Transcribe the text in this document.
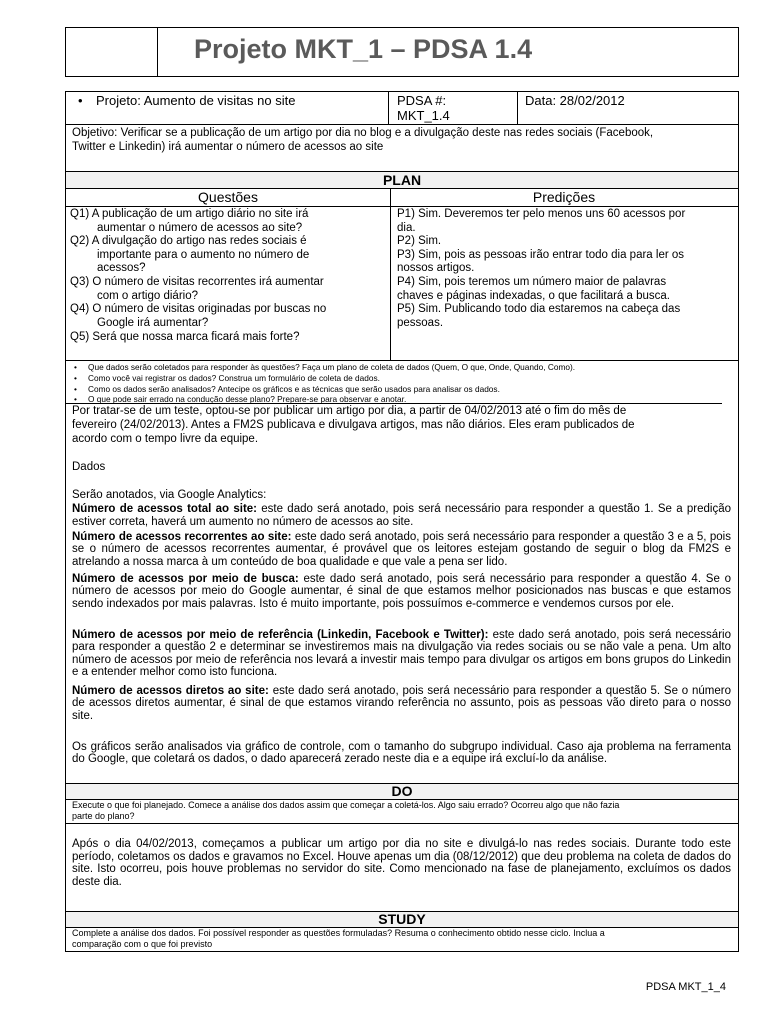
Projeto MKT_1 – PDSA 1.4
• Projeto: Aumento de visitas no site	PDSA #:
MKT_1.4
Data: 28/02/2012
Objetivo: Verificar se a publicação de um artigo por dia no blog e a divulgação deste nas redes sociais (Facebook,
Twitter e Linkedin) irá aumentar o número de acessos ao site
PLAN
Questões	Predições
Q1) A publicação de um artigo diário no site irá
aumentar o número de acessos ao site?
Q2) A divulgação do artigo nas redes sociais é
importante para o aumento no número de
acessos?
Q3) O número de visitas recorrentes irá aumentar
com o artigo diário?
Q4) O número de visitas originadas por buscas no
Google irá aumentar?
Q5) Será que nossa marca ficará mais forte?
P1) Sim. Deveremos ter pelo menos uns 60 acessos por
dia.
P2) Sim.
P3) Sim, pois as pessoas irão entrar todo dia para ler os
nossos artigos.
P4) Sim, pois teremos um número maior de palavras
chaves e páginas indexadas, o que facilitará a busca.
P5) Sim. Publicando todo dia estaremos na cabeça das
pessoas.
• Que dados serão coletados para responder às questões? Faça um plano de coleta de dados (Quem, O que, Onde, Quando, Como).
• Como você vai registrar os dados? Construa um formulário de coleta de dados.
• Como os dados serão analisados? Antecipe os gráficos e as técnicas que serão usados para analisar os dados.
• O que pode sair errado na condução desse plano? Prepare-se para observar e anotar.
Por tratar-se de um teste, optou-se por publicar um artigo por dia, a partir de 04/02/2013 até o fim do mês de
fevereiro (24/02/2013). Antes a FM2S publicava e divulgava artigos, mas não diários. Eles eram publicados de
acordo com o tempo livre da equipe.
Dados
Serão anotados, via Google Analytics:
Número de acessos total ao site: este dado será anotado, pois será necessário para responder a questão 1. Se a predição estiver correta, haverá um aumento no número de acessos ao site.
Número de acessos recorrentes ao site: este dado será anotado, pois será necessário para responder a questão 3 e a 5, pois se o número de acessos recorrentes aumentar, é provável que os leitores estejam gostando de seguir o blog da FM2S e atrelando a nossa marca à um conteúdo de boa qualidade e que vale a pena ser lido.
Número de acessos por meio de busca: este dado será anotado, pois será necessário para responder a questão 4. Se o número de acessos por meio do Google aumentar, é sinal de que estamos melhor posicionados nas buscas e que estamos sendo indexados por mais palavras. Isto é muito importante, pois possuímos e-commerce e vendemos cursos por ele.
Número de acessos por meio de referência (Linkedin, Facebook e Twitter): este dado será anotado, pois será necessário para responder a questão 2 e determinar se investiremos mais na divulgação via redes sociais ou se não vale a pena. Um alto número de acessos por meio de referência nos levará a investir mais tempo para divulgar os artigos em bons grupos do Linkedin e a entender melhor como isto funciona.
Número de acessos diretos ao site: este dado será anotado, pois será necessário para responder a questão 5. Se o número de acessos diretos aumentar, é sinal de que estamos virando referência no assunto, pois as pessoas vão direto para o nosso site.
Os gráficos serão analisados via gráfico de controle, com o tamanho do subgrupo individual. Caso aja problema na ferramenta do Google, que coletará os dados, o dado aparecerá zerado neste dia e a equipe irá excluí-lo da análise.
DO
Execute o que foi planejado. Comece a análise dos dados assim que começar a coletá-los. Algo saiu errado? Ocorreu algo que não fazia
parte do plano?
Após o dia 04/02/2013, começamos a publicar um artigo por dia no site e divulgá-lo nas redes sociais. Durante todo este período, coletamos os dados e gravamos no Excel. Houve apenas um dia (08/12/2012) que deu problema na coleta de dados do site. Isto ocorreu, pois houve problemas no servidor do site. Como mencionado na fase de planejamento, excluímos os dados deste dia.
STUDY
Complete a análise dos dados. Foi possível responder as questões formuladas? Resuma o conhecimento obtido nesse ciclo. Inclua a
comparação com o que foi previsto
PDSA MKT_1_4
